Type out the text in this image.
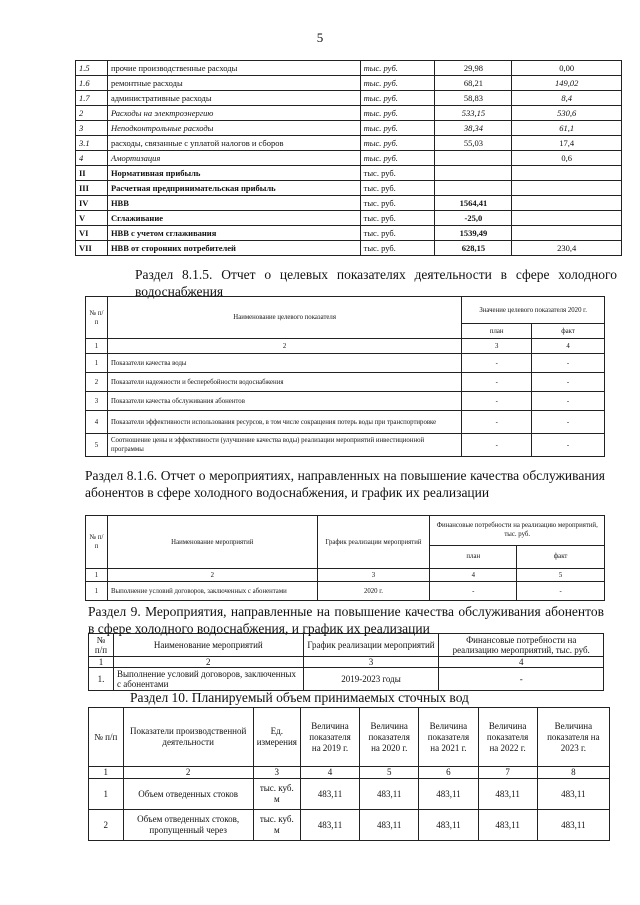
5
1.5	прочие производственные расходы	тыс. руб.	29,98	0,00
1.6	ремонтные расходы	тыс. руб.	68,21	149,02
1.7	административные расходы	тыс. руб.	58,83	8,4
2	Расходы на электроэнергию	тыс. руб.	533,15	530,6
3	Неподконтрольные расходы	тыс. руб.	38,34	61,1
3.1	расходы, связанные с уплатой налогов и сборов	тыс. руб.	55,03	17,4
4	Амортизация	тыс. руб.		0,6
II	Нормативная прибыль	тыс. руб.		
III	Расчетная предпринимательская прибыль	тыс. руб.		
IV	НВВ	тыс. руб.	1564,41	
V	Сглаживание	тыс. руб.	-25,0	
VI	НВВ с учетом сглаживания	тыс. руб.	1539,49	
VII	НВВ от сторонних потребителей	тыс. руб.	628,15	230,4
Раздел 8.1.5. Отчет о целевых показателях деятельности в сфере холодного водоснабжения
№ п/п	Наименование целевого показателя	Значение целевого показателя 2020 г.	
		план	факт
1	2	3	4
1	Показатели качества воды	-	-
2	Показатели надежности и бесперебойности водоснабжения	-	-
3	Показатели качества обслуживания абонентов	-	-
4	Показатели эффективности использования ресурсов, в том числе сокращения потерь воды при транспортировке	-	-
5	Соотношение цены и эффективности (улучшение качества воды) реализации мероприятий инвестиционной программы	-	-
Раздел 8.1.6. Отчет о мероприятиях, направленных на повышение качества обслуживания абонентов в сфере холодного водоснабжения, и график их реализации
№ п/п	Наименование мероприятий	График реализации мероприятий	Финансовые потребности на реализацию мероприятий, тыс. руб.	
			план	факт
1	2	3	4	5
1	Выполнение условий договоров, заключенных с абонентами	2020 г.	-	-
Раздел 9. Мероприятия, направленные на повышение качества обслуживания абонентов в сфере холодного водоснабжения, и график их реализации
№ п/п	Наименование мероприятий	График реализации мероприятий	Финансовые потребности на реализацию мероприятий, тыс. руб.
1	2	3	4
1.	Выполнение условий договоров, заключенных с абонентами	2019-2023 годы	-
Раздел 10. Планируемый объем принимаемых сточных вод
№ п/п	Показатели производственной деятельности	Ед. измерения	Величина показателя на 2019 г.	Величина показателя на 2020 г.	Величина показателя на 2021 г.	Величина показателя на 2022 г.	Величина показателя на 2023 г.
1	2	3	4	5	6	7	8
1	Объем отведенных стоков	тыс. куб. м	483,11	483,11	483,11	483,11	483,11
2	Объем отведенных стоков, пропущенный через	тыс. куб. м	483,11	483,11	483,11	483,11	483,11
